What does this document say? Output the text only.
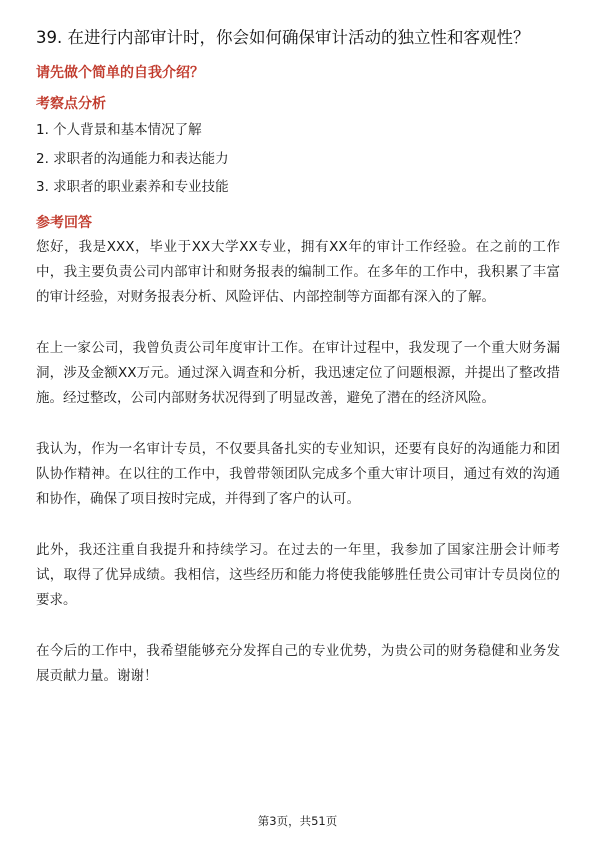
39. 在进行内部审计时，你会如何确保审计活动的独立性和客观性？
请先做个简单的自我介绍？
考察点分析
1. 个人背景和基本情况了解
2. 求职者的沟通能力和表达能力
3. 求职者的职业素养和专业技能
参考回答

您好，我是XXX，毕业于XX大学XX专业，拥有XX年的审计工作经验。在之前的工作中，我主要负责公司内部审计和财务报表的编制工作。在多年的工作中，我积累了丰富的审计经验，对财务报表分析、风险评估、内部控制等方面都有深入的了解。

在上一家公司，我曾负责公司年度审计工作。在审计过程中，我发现了一个重大财务漏洞，涉及金额XX万元。通过深入调查和分析，我迅速定位了问题根源，并提出了整改措施。经过整改，公司内部财务状况得到了明显改善，避免了潜在的经济风险。

我认为，作为一名审计专员，不仅要具备扎实的专业知识，还要有良好的沟通能力和团队协作精神。在以往的工作中，我曾带领团队完成多个重大审计项目，通过有效的沟通和协作，确保了项目按时完成，并得到了客户的认可。

此外，我还注重自我提升和持续学习。在过去的一年里，我参加了国家注册会计师考试，取得了优异成绩。我相信，这些经历和能力将使我能够胜任贵公司审计专员岗位的要求。

在今后的工作中，我希望能够充分发挥自己的专业优势，为贵公司的财务稳健和业务发展贡献力量。谢谢！

第3页，共51页
